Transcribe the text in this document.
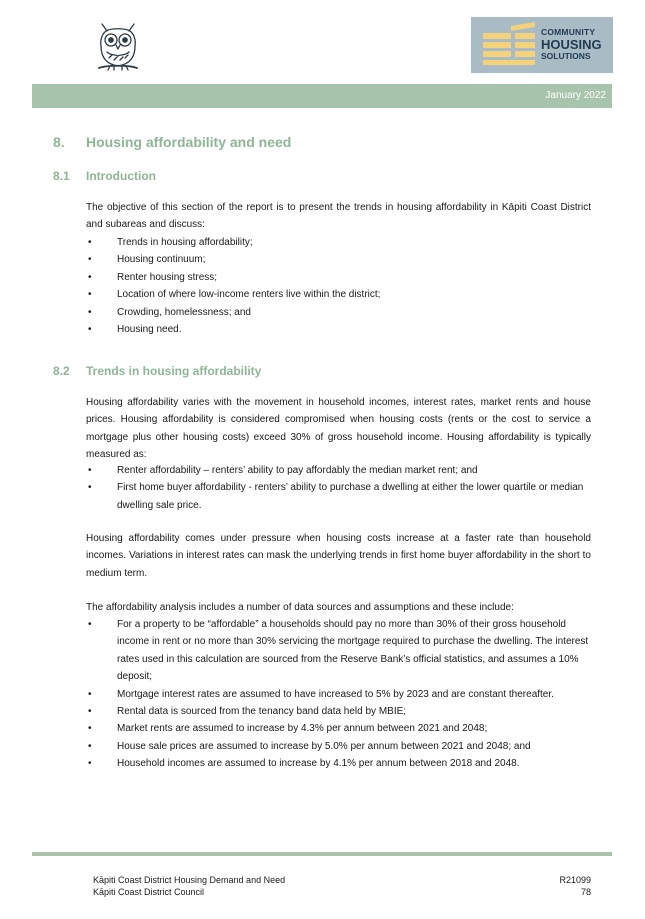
COMMUNITY
HOUSING
SOLUTIONS
January 2022
8. Housing affordability and need
8.1 Introduction
The objective of this section of the report is to present the trends in housing affordability in Kāpiti Coast District and subareas and discuss:
•	Trends in housing affordability;
•	Housing continuum;
•	Renter housing stress;
•	Location of where low-income renters live within the district;
•	Crowding, homelessness; and
•	Housing need.
8.2 Trends in housing affordability
Housing affordability varies with the movement in household incomes, interest rates, market rents and house prices. Housing affordability is considered compromised when housing costs (rents or the cost to service a mortgage plus other housing costs) exceed 30% of gross household income. Housing affordability is typically measured as:
•	Renter affordability – renters’ ability to pay affordably the median market rent; and
•	First home buyer affordability - renters’ ability to purchase a dwelling at either the lower quartile or median dwelling sale price.
Housing affordability comes under pressure when housing costs increase at a faster rate than household incomes. Variations in interest rates can mask the underlying trends in first home buyer affordability in the short to medium term.
The affordability analysis includes a number of data sources and assumptions and these include:
•	For a property to be “affordable” a households should pay no more than 30% of their gross household income in rent or no more than 30% servicing the mortgage required to purchase the dwelling. The interest rates used in this calculation are sourced from the Reserve Bank’s official statistics, and assumes a 10% deposit;
•	Mortgage interest rates are assumed to have increased to 5% by 2023 and are constant thereafter.
•	Rental data is sourced from the tenancy band data held by MBIE;
•	Market rents are assumed to increase by 4.3% per annum between 2021 and 2048;
•	House sale prices are assumed to increase by 5.0% per annum between 2021 and 2048; and
•	Household incomes are assumed to increase by 4.1% per annum between 2018 and 2048.
Kāpiti Coast District Housing Demand and Need
Kāpiti Coast District Council
R21099
78
